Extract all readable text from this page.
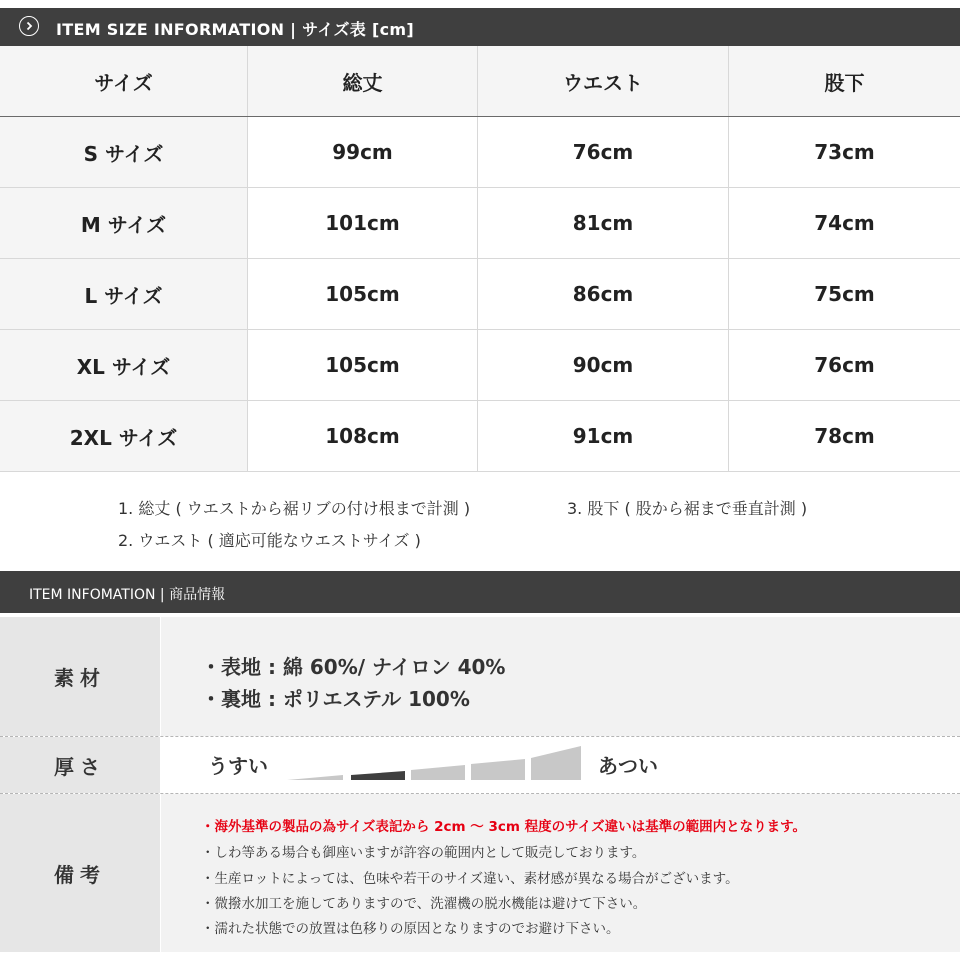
ITEM SIZE INFORMATION | サイズ表 [cm]
サイズ	総丈	ウエスト	股下
S サイズ	99cm	76cm	73cm
M サイズ	101cm	81cm	74cm
L サイズ	105cm	86cm	75cm
XL サイズ	105cm	90cm	76cm
2XL サイズ	108cm	91cm	78cm
1. 総丈 ( ウエストから裾リブの付け根まで計測 )	3. 股下 ( 股から裾まで垂直計測 )
2. ウエスト ( 適応可能なウエストサイズ )
ITEM INFOMATION | 商品情報
素材	・表地 : 綿 60%/ ナイロン 40%
・裏地 : ポリエステル 100%
厚さ	うすい	あつい
備考
・海外基準の製品の為サイズ表記から 2cm ～ 3cm 程度のサイズ違いは基準の範囲内となります。
・しわ等ある場合も御座いますが許容の範囲内として販売しております。
・生産ロットによっては、色味や若干のサイズ違い、素材感が異なる場合がございます。
・微撥水加工を施してありますので、洗濯機の脱水機能は避けて下さい。
・濡れた状態での放置は色移りの原因となりますのでお避け下さい。
